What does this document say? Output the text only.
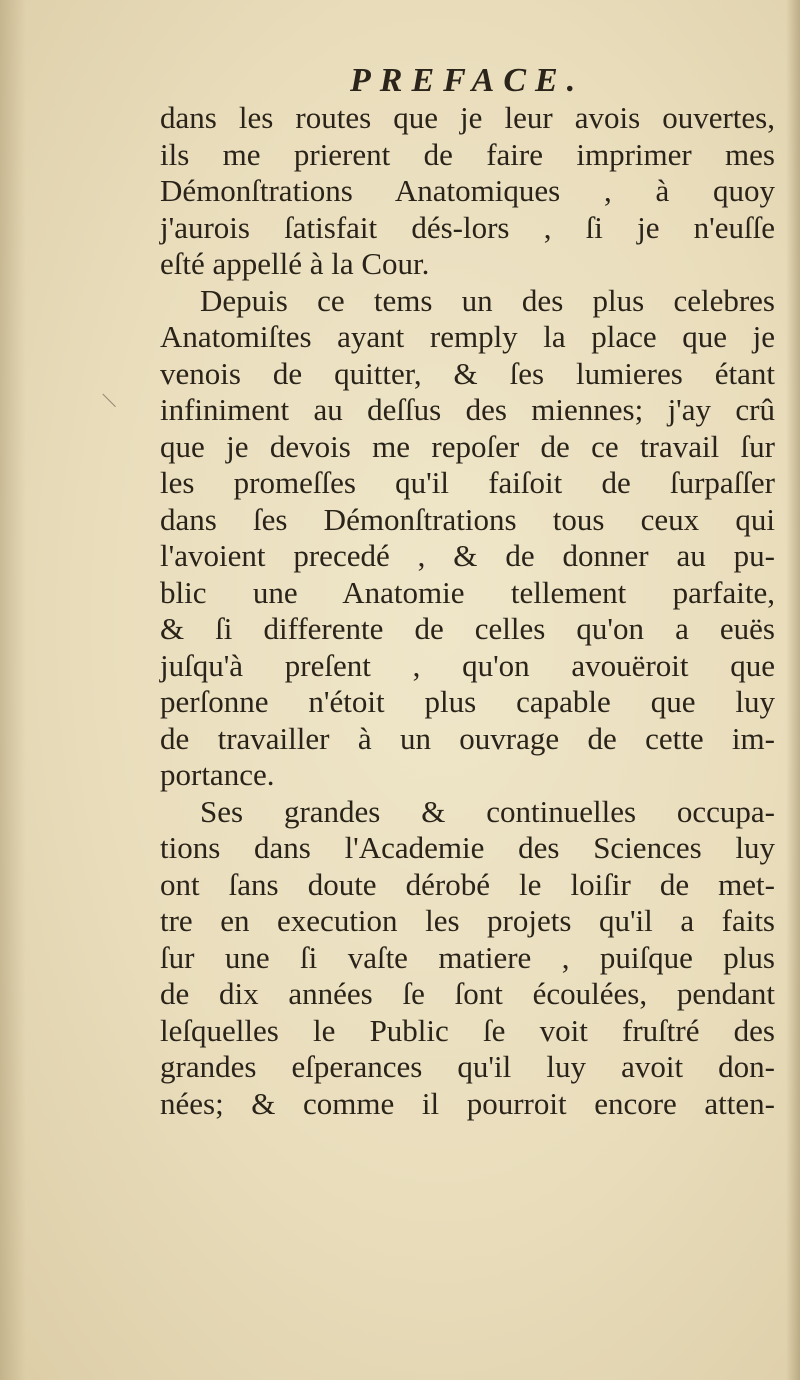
PREFACE.
dans les routes que je leur avois ouvertes,
ils me prierent de faire imprimer mes
Démonſtrations Anatomiques , à quoy
j'aurois ſatisfait dés-lors , ſi je n'euſſe
eſté appellé à la Cour.
Depuis ce tems un des plus celebres
Anatomiſtes ayant remply la place que je
venois de quitter, & ſes lumieres étant
infiniment au deſſus des miennes; j'ay crû
que je devois me repoſer de ce travail ſur
les promeſſes qu'il faiſoit de ſurpaſſer
dans ſes Démonſtrations tous ceux qui
l'avoient precedé , & de donner au pu-
blic une Anatomie tellement parfaite,
& ſi differente de celles qu'on a euës
juſqu'à preſent , qu'on avouëroit que
perſonne n'étoit plus capable que luy
de travailler à un ouvrage de cette im-
portance.
Ses grandes & continuelles occupa-
tions dans l'Academie des Sciences luy
ont ſans doute dérobé le loiſir de met-
tre en execution les projets qu'il a faits
ſur une ſi vaſte matiere , puiſque plus
de dix années ſe ſont écoulées, pendant
leſquelles le Public ſe voit fruſtré des
grandes eſperances qu'il luy avoit don-
nées; & comme il pourroit encore atten-
